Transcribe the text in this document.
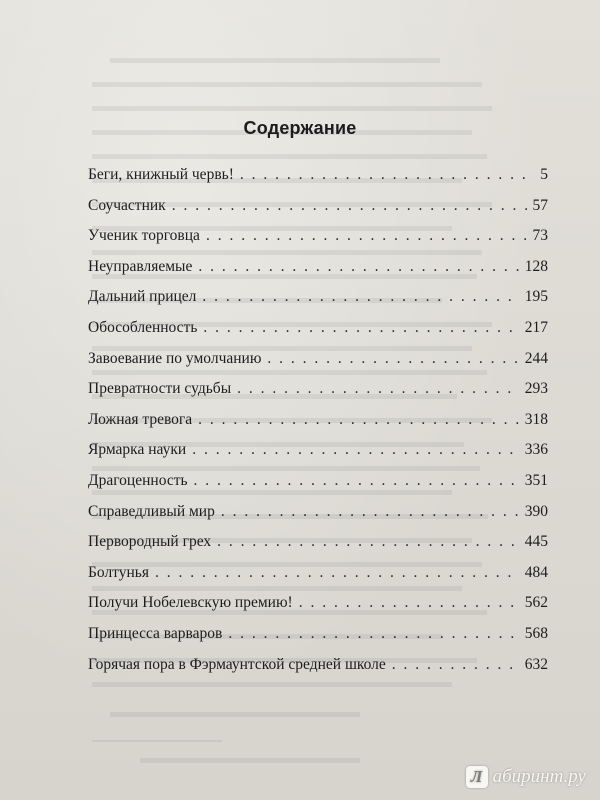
Содержание
Беги, книжный червь! . . .	5
Соучастник . . .	57
Ученик торговца . . .	73
Неуправляемые . . .	128
Дальний прицел . . .	195
Обособленность . . .	217
Завоевание по умолчанию . . .	244
Превратности судьбы . . .	293
Ложная тревога . . .	318
Ярмарка науки . . .	336
Драгоценность . . .	351
Справедливый мир . . .	390
Первородный грех . . .	445
Болтунья . . .	484
Получи Нобелевскую премию! . . .	562
Принцесса варваров . . .	568
Горячая пора в Фэрмаунтской средней школе . . .	632
Л абиринт.ру
